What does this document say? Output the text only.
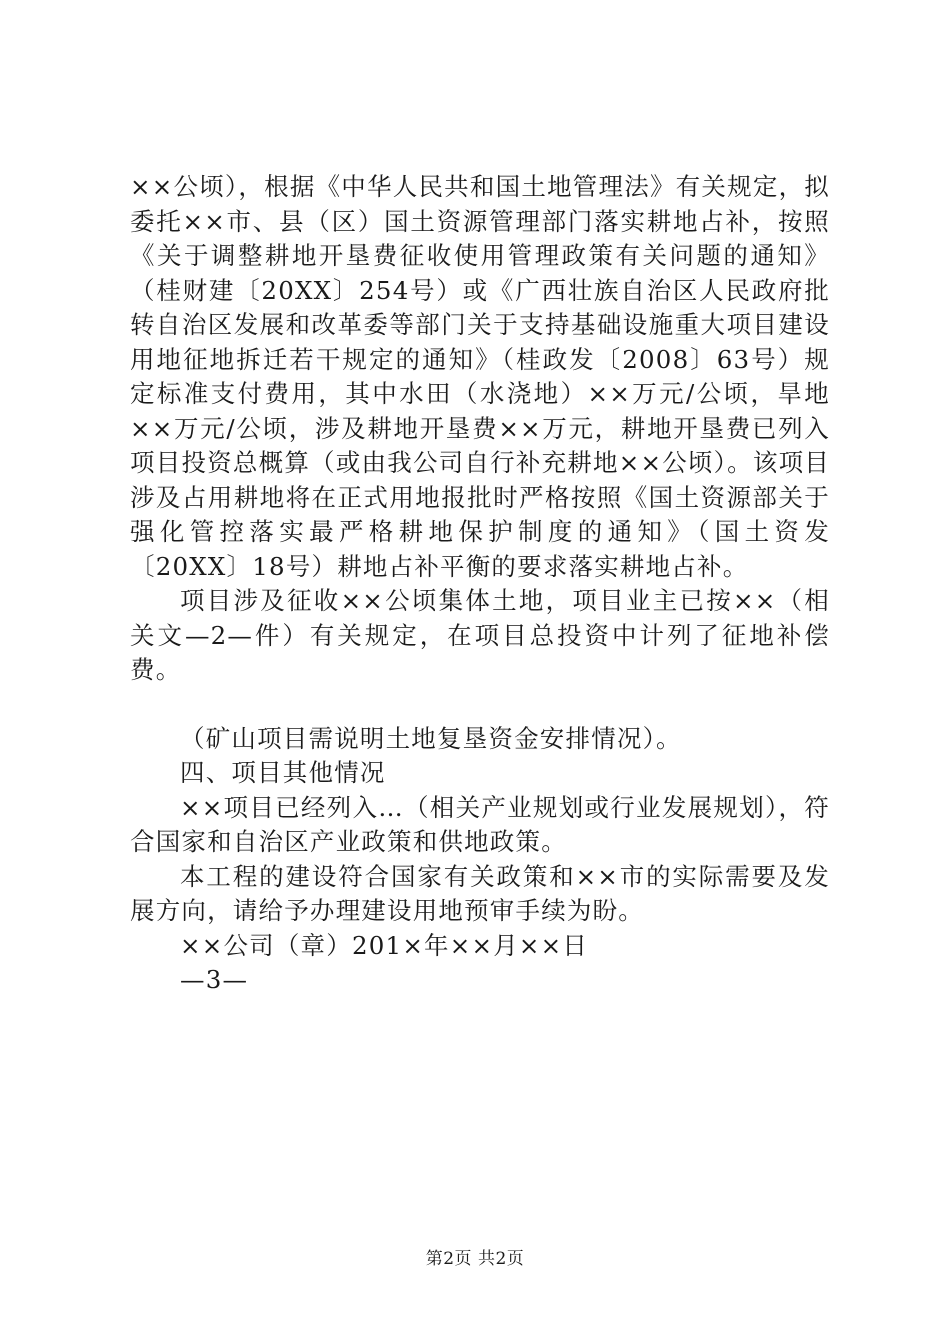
××公顷），根据《中华人民共和国土地管理法》有关规定，拟委托××市、县（区）国土资源管理部门落实耕地占补，按照《关于调整耕地开垦费征收使用管理政策有关问题的通知》（桂财建〔20XX〕254号）或《广西壮族自治区人民政府批转自治区发展和改革委等部门关于支持基础设施重大项目建设用地征地拆迁若干规定的通知》（桂政发〔2008〕63号）规定标准支付费用，其中水田（水浇地）××万元/公顷，旱地××万元/公顷，涉及耕地开垦费××万元，耕地开垦费已列入项目投资总概算（或由我公司自行补充耕地××公顷）。该项目涉及占用耕地将在正式用地报批时严格按照《国土资源部关于强化管控落实最严格耕地保护制度的通知》（国土资发〔20XX〕18号）耕地占补平衡的要求落实耕地占补。

项目涉及征收××公顷集体土地，项目业主已按××（相关文—2—件）有关规定，在项目总投资中计列了征地补偿费。

（矿山项目需说明土地复垦资金安排情况）。

四、项目其他情况

××项目已经列入…（相关产业规划或行业发展规划），符合国家和自治区产业政策和供地政策。

本工程的建设符合国家有关政策和××市的实际需要及发展方向，请给予办理建设用地预审手续为盼。

××公司（章）201×年××月××日

—3—

第2页 共2页
